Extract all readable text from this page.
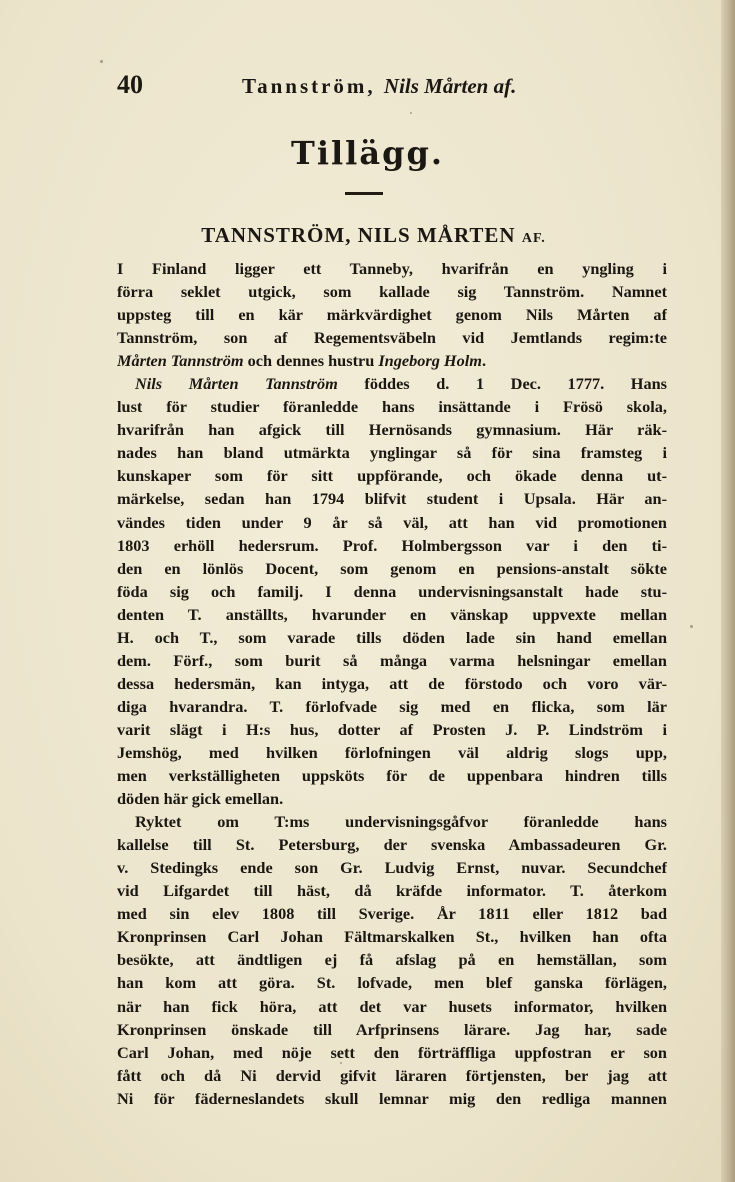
40	Tannström, Nils Mårten af.
Tillägg.
TANNSTRÖM, NILS MÅRTEN AF.
I Finland ligger ett Tanneby, hvarifrån en yngling i
förra seklet utgick, som kallade sig Tannström. Namnet
uppsteg till en kär märkvärdighet genom Nils Mårten af
Tannström, son af Regementsväbeln vid Jemtlands regim:te
Mårten Tannström och dennes hustru Ingeborg Holm.
Nils Mårten Tannström föddes d. 1 Dec. 1777. Hans
lust för studier föranledde hans insättande i Frösö skola,
hvarifrån han afgick till Hernösands gymnasium. Här räk-
nades han bland utmärkta ynglingar så för sina framsteg i
kunskaper som för sitt uppförande, och ökade denna ut-
märkelse, sedan han 1794 blifvit student i Upsala. Här an-
vändes tiden under 9 år så väl, att han vid promotionen
1803 erhöll hedersrum. Prof. Holmbergsson var i den ti-
den en lönlös Docent, som genom en pensions-anstalt sökte
föda sig och familj. I denna undervisningsanstalt hade stu-
denten T. anställts, hvarunder en vänskap uppvexte mellan
H. och T., som varade tills döden lade sin hand emellan
dem. Förf., som burit så många varma helsningar emellan
dessa hedersmän, kan intyga, att de förstodo och voro vär-
diga hvarandra. T. förlofvade sig med en flicka, som lär
varit slägt i H:s hus, dotter af Prosten J. P. Lindström i
Jemshög, med hvilken förlofningen väl aldrig slogs upp,
men verkställigheten uppsköts för de uppenbara hindren tills
döden här gick emellan.
Ryktet om T:ms undervisningsgåfvor föranledde hans
kallelse till St. Petersburg, der svenska Ambassadeuren Gr.
v. Stedingks ende son Gr. Ludvig Ernst, nuvar. Secundchef
vid Lifgardet till häst, då kräfde informator. T. återkom
med sin elev 1808 till Sverige. År 1811 eller 1812 bad
Kronprinsen Carl Johan Fältmarskalken St., hvilken han ofta
besökte, att ändtligen ej få afslag på en hemställan, som
han kom att göra. St. lofvade, men blef ganska förlägen,
när han fick höra, att det var husets informator, hvilken
Kronprinsen önskade till Arfprinsens lärare. Jag har, sade
Carl Johan, med nöje sett den förträffliga uppfostran er son
fått och då Ni dervid gifvit läraren förtjensten, ber jag att
Ni för fäderneslandets skull lemnar mig den redliga mannen
